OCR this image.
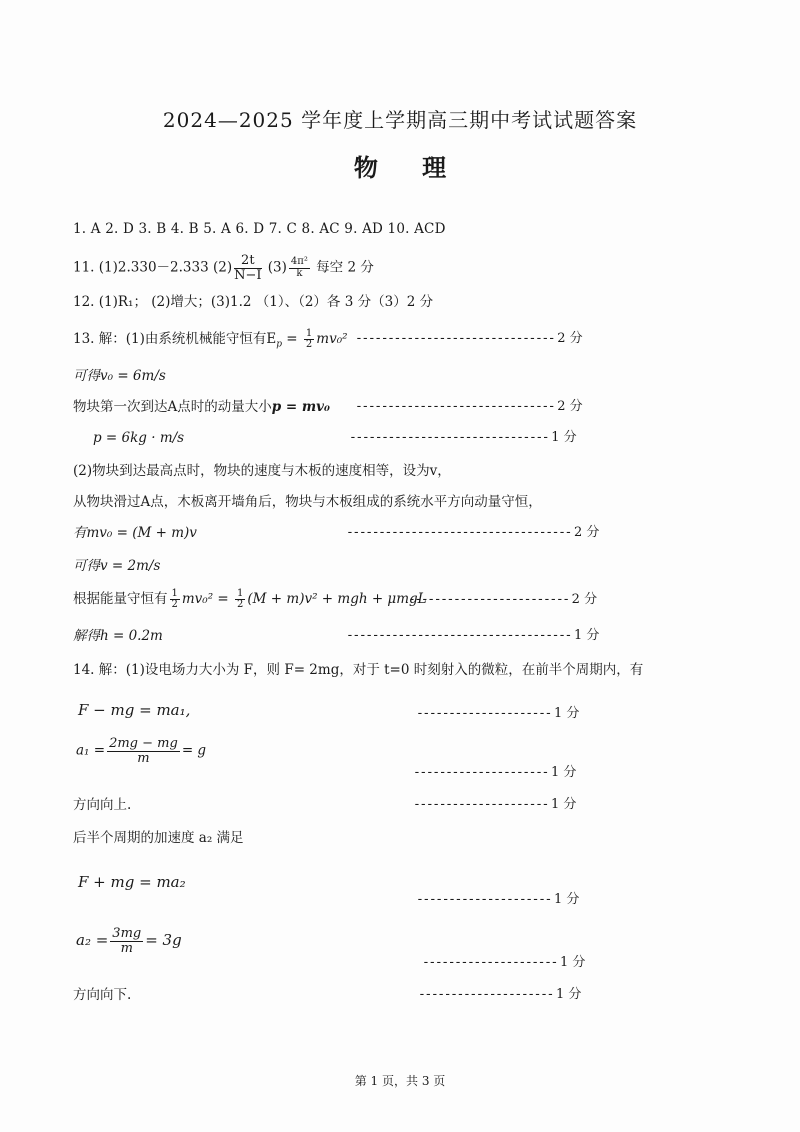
2024—2025 学年度上学期高三期中考试试题答案
物 理
1. A 2. D 3. B 4. B 5. A 6. D 7. C 8. AC 9. AD 10. ACD
11. (1)2.330－2.333 $(2) \frac{2t}{N-I} (3) \frac{\text{4π²}}{k}$ 每空 2 分
12. (1)R₁； (2)增大；(3)1.2 （1）、（2）各 3 分（3）2 分
13. 解：(1)由系统机械能守恒有$E_p = \frac{1}{2} mv_0^2$ ------------------------------- 2 分
可得v₀ = 6m/s
物块第一次到达A点时的动量大小p = mv₀ ------------------------------- 2 分
p = 6kg · m/s	------------------------------- 1 分
(2)物块到达最高点时，物块的速度与木板的速度相等，设为v，
从物块滑过A点，木板离开墙角后，物块与木板组成的系统水平方向动量守恒，
有mv₀ = (M + m)v	----------------------------------- 2 分
可得v = 2m/s
根据能量守恒有 $\frac{1}{2} mv_0^2 = \frac{1}{2} (M + m)v^2$ + mgh + μmgL
------------------------- 2 分
解得h = 0.2m	----------------------------------- 1 分
14. 解：(1)设电场力大小为 F，则 F= 2mg，对于 t=0 时刻射入的微粒，在前半个周期内，有
F − mg = ma₁,	--------------------- 1 分
$a_1 = \frac{2mg - mg}{m} = g$
--------------------- 1 分
方向向上.	--------------------- 1 分
后半个周期的加速度 a₂ 满足
F + mg = ma₂
--------------------- 1 分
$a_2 = \frac{3mg}{m} = 3g$
--------------------- 1 分
方向向下.	--------------------- 1 分
第 1 页，共 3 页
